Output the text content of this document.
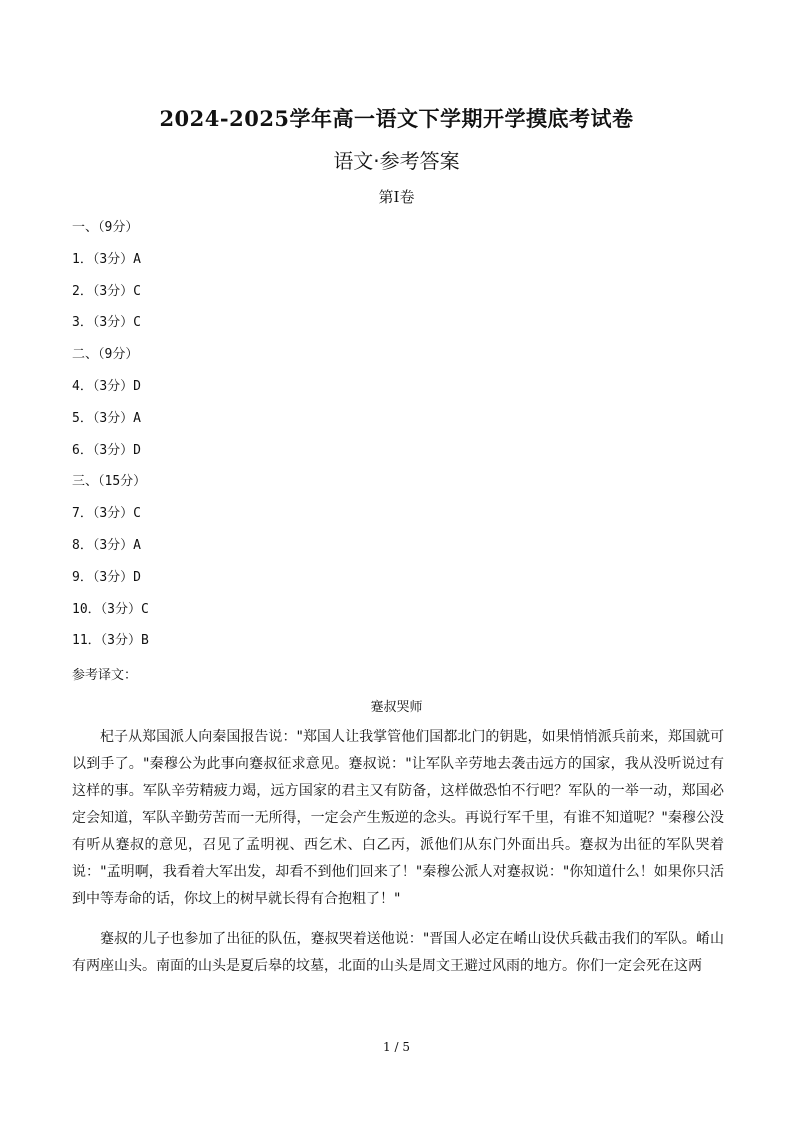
2024-2025学年高一语文下学期开学摸底考试卷
语文·参考答案
第I卷
一、（9分）
1．（3分）A
2．（3分）C
3．（3分）C
二、（9分）
4．（3分）D
5．（3分）A
6．（3分）D
三、（15分）
7．（3分）C
8．（3分）A
9．（3分）D
10．（3分）C
11．（3分）B
参考译文：
蹇叔哭师

杞子从郑国派人向秦国报告说："郑国人让我掌管他们国都北门的钥匙，如果悄悄派兵前来，郑国就可以到手了。"秦穆公为此事向蹇叔征求意见。蹇叔说："让军队辛劳地去袭击远方的国家，我从没听说过有这样的事。军队辛劳精疲力竭，远方国家的君主又有防备，这样做恐怕不行吧？军队的一举一动，郑国必定会知道，军队辛勤劳苦而一无所得，一定会产生叛逆的念头。再说行军千里，有谁不知道呢？"秦穆公没有听从蹇叔的意见，召见了孟明视、西乞术、白乙丙，派他们从东门外面出兵。蹇叔为出征的军队哭着说："孟明啊，我看着大军出发，却看不到他们回来了！"秦穆公派人对蹇叔说："你知道什么！如果你只活到中等寿命的话，你坟上的树早就长得有合抱粗了！"

蹇叔的儿子也参加了出征的队伍，蹇叔哭着送他说："晋国人必定在崤山设伏兵截击我们的军队。崤山有两座山头。南面的山头是夏后皋的坟墓，北面的山头是周文王避过风雨的地方。你们一定会死在这两

1 / 5
